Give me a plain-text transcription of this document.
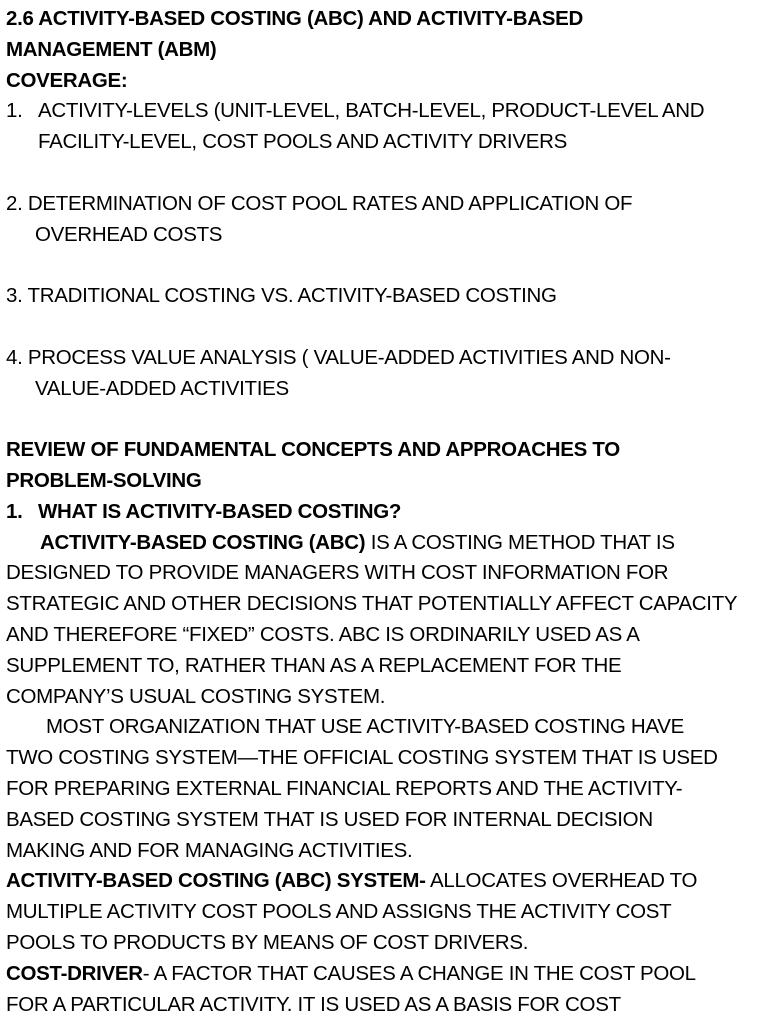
2.6 ACTIVITY-BASED COSTING (ABC) AND ACTIVITY-BASED
MANAGEMENT (ABM)
COVERAGE:
1. ACTIVITY-LEVELS (UNIT-LEVEL, BATCH-LEVEL, PRODUCT-LEVEL AND
FACILITY-LEVEL, COST POOLS AND ACTIVITY DRIVERS
2. DETERMINATION OF COST POOL RATES AND APPLICATION OF
OVERHEAD COSTS
3. TRADITIONAL COSTING VS. ACTIVITY-BASED COSTING
4. PROCESS VALUE ANALYSIS ( VALUE-ADDED ACTIVITIES AND NON-
VALUE-ADDED ACTIVITIES
REVIEW OF FUNDAMENTAL CONCEPTS AND APPROACHES TO
PROBLEM-SOLVING
1. WHAT IS ACTIVITY-BASED COSTING?
ACTIVITY-BASED COSTING (ABC) IS A COSTING METHOD THAT IS
DESIGNED TO PROVIDE MANAGERS WITH COST INFORMATION FOR
STRATEGIC AND OTHER DECISIONS THAT POTENTIALLY AFFECT CAPACITY
AND THEREFORE “FIXED” COSTS. ABC IS ORDINARILY USED AS A
SUPPLEMENT TO, RATHER THAN AS A REPLACEMENT FOR THE
COMPANY’S USUAL COSTING SYSTEM.
MOST ORGANIZATION THAT USE ACTIVITY-BASED COSTING HAVE
TWO COSTING SYSTEM—THE OFFICIAL COSTING SYSTEM THAT IS USED
FOR PREPARING EXTERNAL FINANCIAL REPORTS AND THE ACTIVITY-
BASED COSTING SYSTEM THAT IS USED FOR INTERNAL DECISION
MAKING AND FOR MANAGING ACTIVITIES.
ACTIVITY-BASED COSTING (ABC) SYSTEM- ALLOCATES OVERHEAD TO
MULTIPLE ACTIVITY COST POOLS AND ASSIGNS THE ACTIVITY COST
POOLS TO PRODUCTS BY MEANS OF COST DRIVERS.
COST-DRIVER- A FACTOR THAT CAUSES A CHANGE IN THE COST POOL
FOR A PARTICULAR ACTIVITY. IT IS USED AS A BASIS FOR COST
